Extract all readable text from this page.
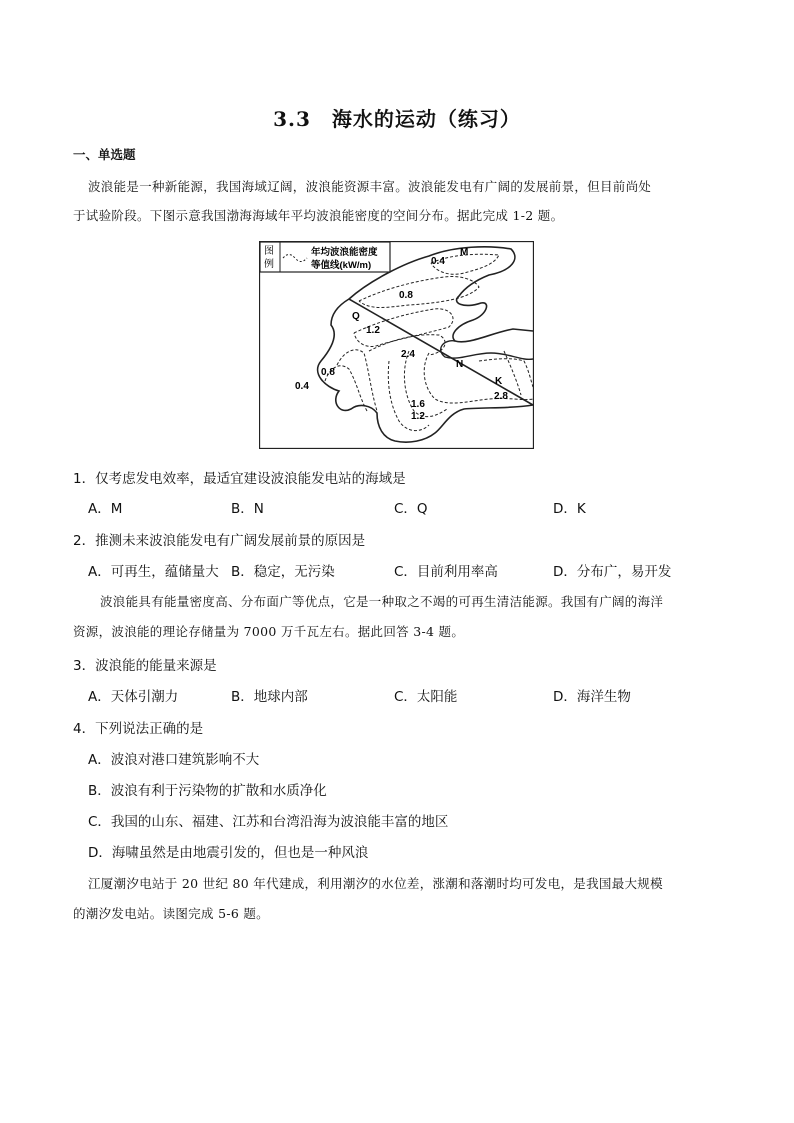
3.3　海水的运动（练习）
一、单选题
波浪能是一种新能源，我国海域辽阔，波浪能资源丰富。波浪能发电有广阔的发展前景，但目前尚处
于试验阶段。下图示意我国渤海海域年平均波浪能密度的空间分布。据此完成 1-2 题。
图
例
年均波浪能密度
等值线(kW/m)	0.4
0.8
1.2
2.4
0.8
0.4
1.6
1.2
2.8
M
Q
N
K
1．仅考虑发电效率，最适宜建设波浪能发电站的海域是
A．M	B．N	C．Q	D．K
2．推测未来波浪能发电有广阔发展前景的原因是
A．可再生，蕴储量大 B．稳定，无污染	C．目前利用率高	D．分布广，易开发
波浪能具有能量密度高、分布面广等优点，它是一种取之不竭的可再生清洁能源。我国有广阔的海洋
资源，波浪能的理论存储量为 7000 万千瓦左右。据此回答 3-4 题。
3．波浪能的能量来源是
A．天体引潮力	B．地球内部	C．太阳能	D．海洋生物
4．下列说法正确的是
A．波浪对港口建筑影响不大
B．波浪有利于污染物的扩散和水质净化
C．我国的山东、福建、江苏和台湾沿海为波浪能丰富的地区
D．海啸虽然是由地震引发的，但也是一种风浪
江厦潮汐电站于 20 世纪 80 年代建成，利用潮汐的水位差，涨潮和落潮时均可发电，是我国最大规模
的潮汐发电站。读图完成 5-6 题。
